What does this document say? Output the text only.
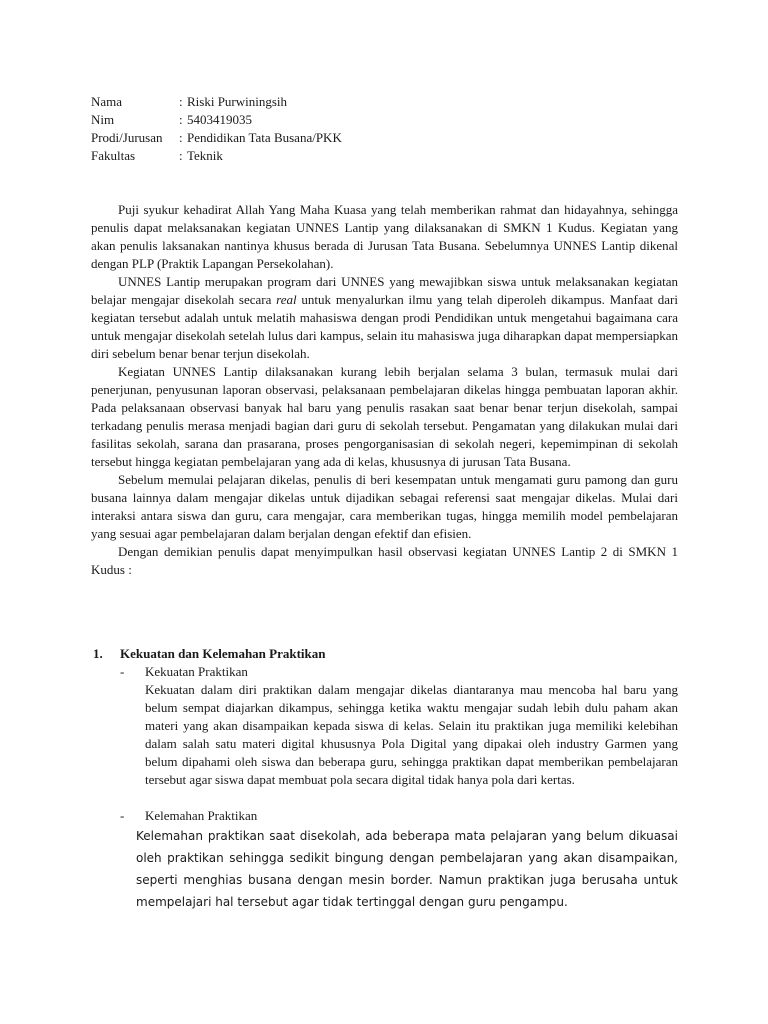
Nama	: Riski Purwiningsih
Nim	: 5403419035
Prodi/Jurusan	: Pendidikan Tata Busana/PKK
Fakultas	: Teknik

Puji syukur kehadirat Allah Yang Maha Kuasa yang telah memberikan rahmat dan hidayahnya, sehingga penulis dapat melaksanakan kegiatan UNNES Lantip yang dilaksanakan di SMKN 1 Kudus. Kegiatan yang akan penulis laksanakan nantinya khusus berada di Jurusan Tata Busana. Sebelumnya UNNES Lantip dikenal dengan PLP (Praktik Lapangan Persekolahan).

UNNES Lantip merupakan program dari UNNES yang mewajibkan siswa untuk melaksanakan kegiatan belajar mengajar disekolah secara real untuk menyalurkan ilmu yang telah diperoleh dikampus. Manfaat dari kegiatan tersebut adalah untuk melatih mahasiswa dengan prodi Pendidikan untuk mengetahui bagaimana cara untuk mengajar disekolah setelah lulus dari kampus, selain itu mahasiswa juga diharapkan dapat mempersiapkan diri sebelum benar benar terjun disekolah.

Kegiatan UNNES Lantip dilaksanakan kurang lebih berjalan selama 3 bulan, termasuk mulai dari penerjunan, penyusunan laporan observasi, pelaksanaan pembelajaran dikelas hingga pembuatan laporan akhir. Pada pelaksanaan observasi banyak hal baru yang penulis rasakan saat benar benar terjun disekolah, sampai terkadang penulis merasa menjadi bagian dari guru di sekolah tersebut. Pengamatan yang dilakukan mulai dari fasilitas sekolah, sarana dan prasarana, proses pengorganisasian di sekolah negeri, kepemimpinan di sekolah tersebut hingga kegiatan pembelajaran yang ada di kelas, khususnya di jurusan Tata Busana.

Sebelum memulai pelajaran dikelas, penulis di beri kesempatan untuk mengamati guru pamong dan guru busana lainnya dalam mengajar dikelas untuk dijadikan sebagai referensi saat mengajar dikelas. Mulai dari interaksi antara siswa dan guru, cara mengajar, cara memberikan tugas, hingga memilih model pembelajaran yang sesuai agar pembelajaran dalam berjalan dengan efektif dan efisien.

Dengan demikian penulis dapat menyimpulkan hasil observasi kegiatan UNNES Lantip 2 di SMKN 1 Kudus :

1.	Kekuatan dan Kelemahan Praktikan
-	Kekuatan Praktikan

Kekuatan dalam diri praktikan dalam mengajar dikelas diantaranya mau mencoba hal baru yang belum sempat diajarkan dikampus, sehingga ketika waktu mengajar sudah lebih dulu paham akan materi yang akan disampaikan kepada siswa di kelas. Selain itu praktikan juga memiliki kelebihan dalam salah satu materi digital khususnya Pola Digital yang dipakai oleh industry Garmen yang belum dipahami oleh siswa dan beberapa guru, sehingga praktikan dapat memberikan pembelajaran tersebut agar siswa dapat membuat pola secara digital tidak hanya pola dari kertas.

-	Kelemahan Praktikan

Kelemahan praktikan saat disekolah, ada beberapa mata pelajaran yang belum dikuasai oleh praktikan sehingga sedikit bingung dengan pembelajaran yang akan disampaikan, seperti menghias busana dengan mesin border. Namun praktikan juga berusaha untuk mempelajari hal tersebut agar tidak tertinggal dengan guru pengampu.
